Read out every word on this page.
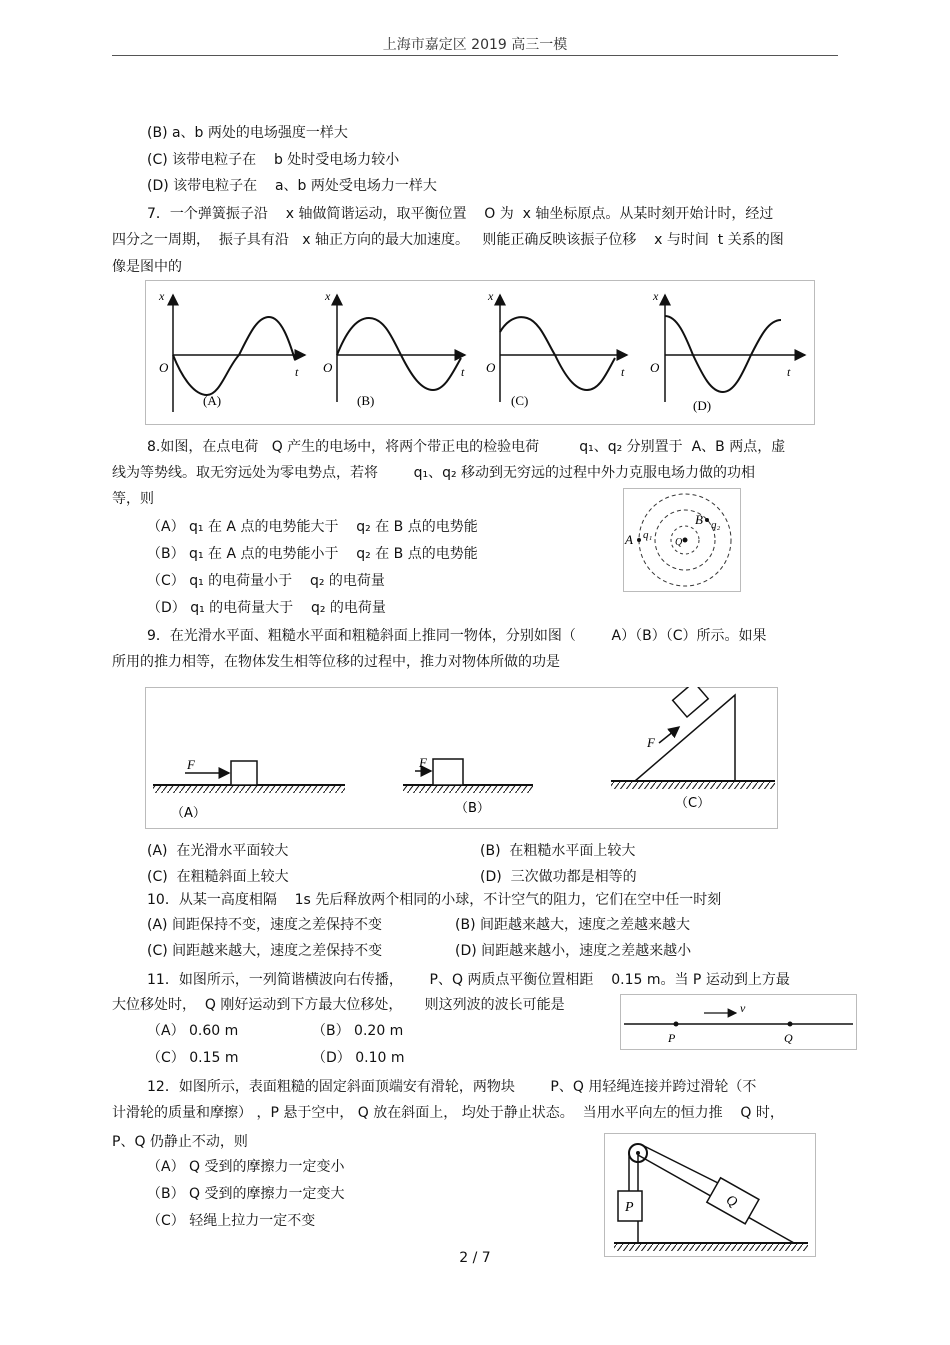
上海市嘉定区 2019 高三一模
(B) a、b 两处的电场强度一样大
(C) 该带电粒子在    b 处时受电场力较小
(D) 该带电粒子在    a、b 两处受电场力一样大
7．一个弹簧振子沿    x 轴做简谐运动，取平衡位置    O 为  x 轴坐标原点。从某时刻开始计时，经过
四分之一周期，  振子具有沿   x 轴正方向的最大加速度。   则能正确反映该振子位移    x 与时间  t 关系的图
像是图中的
x
O	t
(A)
x
O	t
(B)
x
O	t
(C)
x
O	t
(D)
8.如图，在点电荷   Q 产生的电场中，将两个带正电的检验电荷         q₁、q₂ 分别置于  A、B 两点，虚
线为等势线。取无穷远处为零电势点，若将        q₁、q₂ 移动到无穷远的过程中外力克服电场力做的功相
等，则
（A） q₁ 在 A 点的电势能大于    q₂ 在 B 点的电势能
（B） q₁ 在 A 点的电势能小于    q₂ 在 B 点的电势能
（C） q₁ 的电荷量小于    q₂ 的电荷量
（D） q₁ 的电荷量大于    q₂ 的电荷量
A q₁
Q
B q₂
9．在光滑水平面、粗糙水平面和粗糙斜面上推同一物体，分别如图（        A）（B）（C）所示。如果
所用的推力相等，在物体发生相等位移的过程中，推力对物体所做的功是
F
（A）
F
（B）
F
（C）
(A)  在光滑水平面较大	(B)  在粗糙水平面上较大
(C)  在粗糙斜面上较大	(D)  三次做功都是相等的
10．从某一高度相隔    1s 先后释放两个相同的小球，不计空气的阻力，它们在空中任一时刻
(A) 间距保持不变，速度之差保持不变	(B) 间距越来越大，速度之差越来越大
(C) 间距越来越大，速度之差保持不变	(D) 间距越来越小，速度之差越来越小
11．如图所示，一列简谐横波向右传播，      P、Q 两质点平衡位置相距    0.15 m。当 P 运动到上方最
大位移处时，  Q 刚好运动到下方最大位移处，     则这列波的波长可能是
（A） 0.60 m	（B） 0.20 m
（C） 0.15 m	（D） 0.10 m
v
P	Q
12．如图所示，表面粗糙的固定斜面顶端安有滑轮，两物块        P、Q 用轻绳连接并跨过滑轮（不
计滑轮的质量和摩擦） ，P 悬于空中， Q 放在斜面上， 均处于静止状态。  当用水平向左的恒力推    Q 时，
P、Q 仍静止不动，则
（A） Q 受到的摩擦力一定变小
（B） Q 受到的摩擦力一定变大
（C） 轻绳上拉力一定不变
P	Q
2 / 7
